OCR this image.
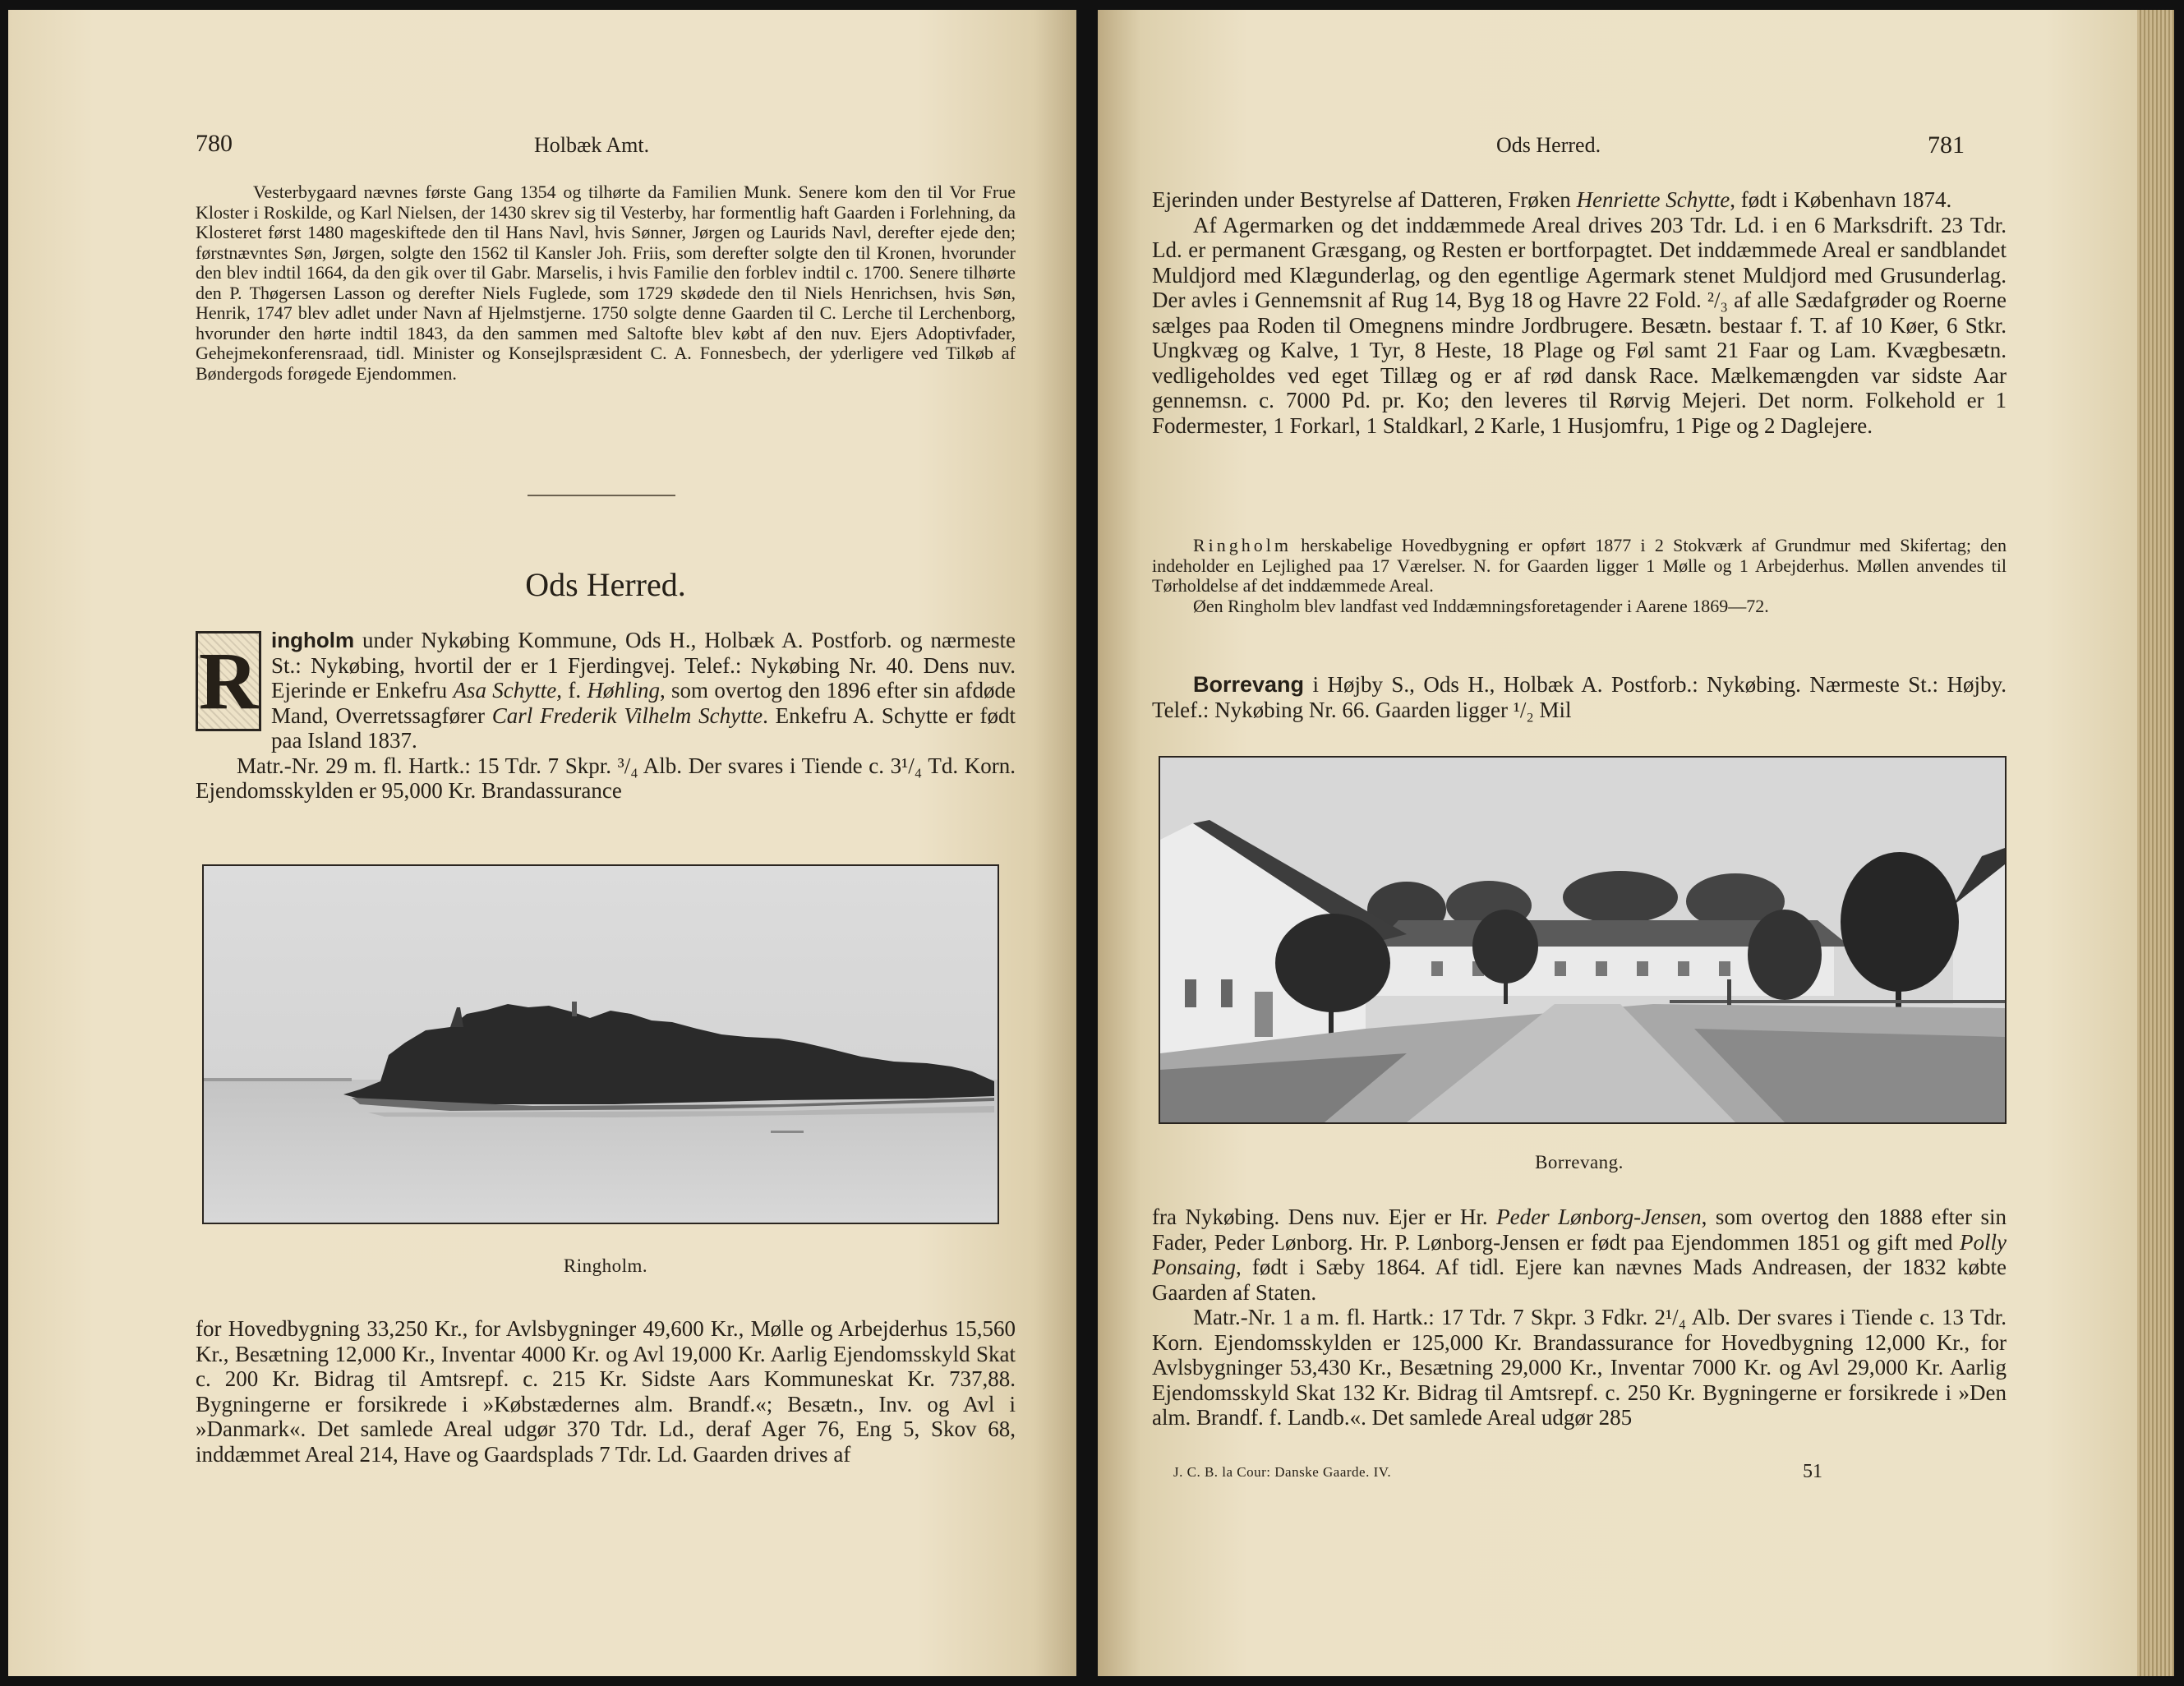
780	Holbæk Amt.
Vesterbygaard nævnes første Gang 1354 og tilhørte da Familien Munk. Senere kom den til Vor Frue Kloster i Roskilde, og Karl Nielsen, der 1430 skrev sig til Vesterby, har formentlig haft Gaarden i Forlehning, da Klosteret først 1480 mageskiftede den til Hans Navl, hvis Sønner, Jørgen og Laurids Navl, derefter ejede den; førstnævntes Søn, Jørgen, solgte den 1562 til Kansler Joh. Friis, som derefter solgte den til Kronen, hvorunder den blev indtil 1664, da den gik over til Gabr. Marselis, i hvis Familie den forblev indtil c. 1700. Senere tilhørte den P. Thøgersen Lasson og derefter Niels Fuglede, som 1729 skødede den til Niels Henrichsen, hvis Søn, Henrik, 1747 blev adlet under Navn af Hjelmstjerne. 1750 solgte denne Gaarden til C. Lerche til Lerchenborg, hvorunder den hørte indtil 1843, da den sammen med Saltofte blev købt af den nuv. Ejers Adoptivfader, Gehejmekonferensraad, tidl. Minister og Konsejlspræsident C. A. Fonnesbech, der yderligere ved Tilkøb af Bøndergods forøgede Ejendommen.
Ods Herred.

R ingholm under Nykøbing Kommune, Ods H., Holbæk A. Postforb. og nærmeste St.: Nykøbing, hvortil der er 1 Fjerdingvej. Telef.: Nykøbing Nr. 40. Dens nuv. Ejerinde er Enkefru Asa Schytte, f. Høhling, som overtog den 1896 efter sin afdøde Mand, Overretssagfører Carl Frederik Vilhelm Schytte. Enkefru A. Schytte er født paa Island 1837.

Matr.-Nr. 29 m. fl. Hartk.: 15 Tdr. 7 Skpr. ³/₄ Alb. Der svares i Tiende c. 3¹/₄ Td. Korn. Ejendomsskylden er 95,000 Kr. Brandassurance

Ringholm.
for Hovedbygning 33,250 Kr., for Avlsbygninger 49,600 Kr., Mølle og Arbejderhus 15,560 Kr., Besætning 12,000 Kr., Inventar 4000 Kr. og Avl 19,000 Kr. Aarlig Ejendomsskyld Skat c. 200 Kr. Bidrag til Amtsrepf. c. 215 Kr. Sidste Aars Kommuneskat Kr. 737,88. Bygningerne er forsikrede i »Købstædernes alm. Brandf.«; Besætn., Inv. og Avl i »Danmark«. Det samlede Areal udgør 370 Tdr. Ld., deraf Ager 76, Eng 5, Skov 68, inddæmmet Areal 214, Have og Gaardsplads 7 Tdr. Ld. Gaarden drives af
Ods Herred.	781

Ejerinden under Bestyrelse af Datteren, Frøken Henriette Schytte, født i København 1874.

Af Agermarken og det inddæmmede Areal drives 203 Tdr. Ld. i en 6 Marksdrift. 23 Tdr. Ld. er permanent Græsgang, og Resten er bortforpagtet. Det inddæmmede Areal er sandblandet Muldjord med Klægunderlag, og den egentlige Agermark stenet Muldjord med Grusunderlag. Der avles i Gennemsnit af Rug 14, Byg 18 og Havre 22 Fold. ²/₃ af alle Sædafgrøder og Roerne sælges paa Roden til Omegnens mindre Jordbrugere. Besætn. bestaar f. T. af 10 Køer, 6 Stkr. Ungkvæg og Kalve, 1 Tyr, 8 Heste, 18 Plage og Føl samt 21 Faar og Lam. Kvægbesætn. vedligeholdes ved eget Tillæg og er af rød dansk Race. Mælkemængden var sidste Aar gennemsn. c. 7000 Pd. pr. Ko; den leveres til Rørvig Mejeri. Det norm. Folkehold er 1 Fodermester, 1 Forkarl, 1 Staldkarl, 2 Karle, 1 Husjomfru, 1 Pige og 2 Daglejere.

Ringholm herskabelige Hovedbygning er opført 1877 i 2 Stokværk af Grundmur med Skifertag; den indeholder en Lejlighed paa 17 Værelser. N. for Gaarden ligger 1 Mølle og 1 Arbejderhus. Møllen anvendes til Tørholdelse af det inddæmmede Areal.

Øen Ringholm blev landfast ved Inddæmningsforetagender i Aarene 1869—72.

Borrevang i Højby S., Ods H., Holbæk A. Postforb.: Nykøbing. Nærmeste St.: Højby. Telef.: Nykøbing Nr. 66. Gaarden ligger ¹/₂ Mil

Borrevang.

fra Nykøbing. Dens nuv. Ejer er Hr. Peder Lønborg-Jensen, som overtog den 1888 efter sin Fader, Peder Lønborg. Hr. P. Lønborg-Jensen er født paa Ejendommen 1851 og gift med Polly Ponsaing, født i Sæby 1864. Af tidl. Ejere kan nævnes Mads Andreasen, der 1832 købte Gaarden af Staten.

Matr.-Nr. 1 a m. fl. Hartk.: 17 Tdr. 7 Skpr. 3 Fdkr. 2¹/₄ Alb. Der svares i Tiende c. 13 Tdr. Korn. Ejendomsskylden er 125,000 Kr. Brandassurance for Hovedbygning 12,000 Kr., for Avlsbygninger 53,430 Kr., Besætning 29,000 Kr., Inventar 7000 Kr. og Avl 29,000 Kr. Aarlig Ejendomsskyld Skat 132 Kr. Bidrag til Amtsrepf. c. 250 Kr. Bygningerne er forsikrede i »Den alm. Brandf. f. Landb.«. Det samlede Areal udgør 285

J. C. B. la Cour: Danske Gaarde. IV.	51
